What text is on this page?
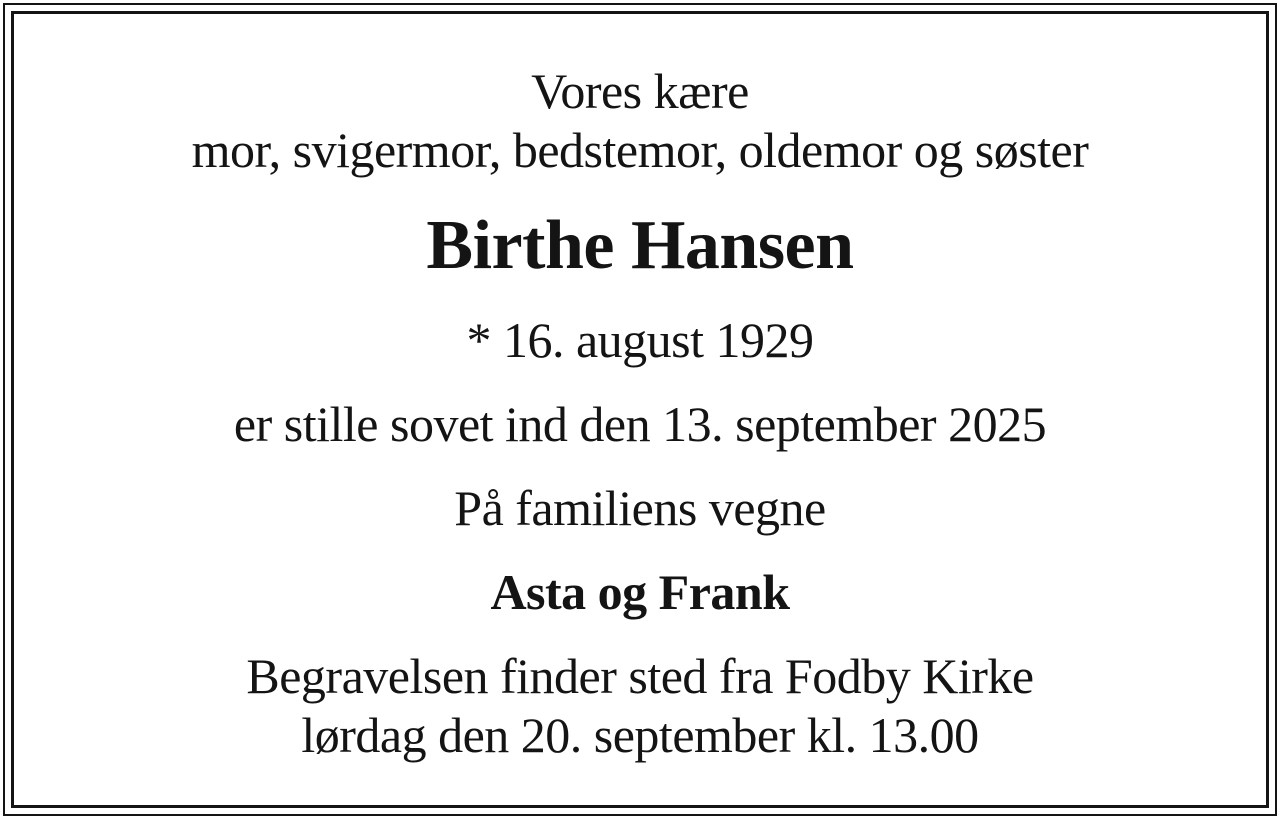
Vores kære
mor, svigermor, bedstemor, oldemor og søster
Birthe Hansen
* 16. august 1929
er stille sovet ind den 13. september 2025
På familiens vegne
Asta og Frank
Begravelsen finder sted fra Fodby Kirke
lørdag den 20. september kl. 13.00
